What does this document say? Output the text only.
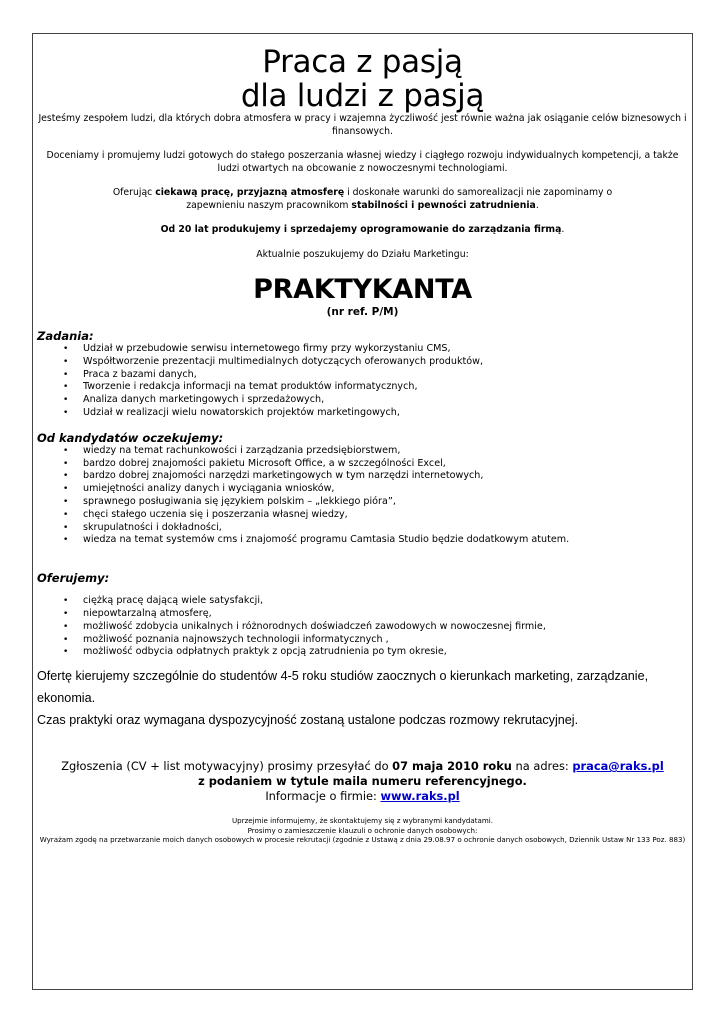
Praca z pasją
dla ludzi z pasją

Jesteśmy zespołem ludzi, dla których dobra atmosfera w pracy i wzajemna życzliwość jest równie ważna jak osiąganie celów biznesowych i finansowych.

Doceniamy i promujemy ludzi gotowych do stałego poszerzania własnej wiedzy i ciągłego rozwoju indywidualnych kompetencji, a także ludzi otwartych na obcowanie z nowoczesnymi technologiami.

Oferując ciekawą pracę, przyjazną atmosferę i doskonałe warunki do samorealizacji nie zapominamy o zapewnieniu naszym pracownikom stabilności i pewności zatrudnienia.

Od 20 lat produkujemy i sprzedajemy oprogramowanie do zarządzania firmą.

Aktualnie poszukujemy do Działu Marketingu:

PRAKTYKANTA

(nr ref. P/M)

Zadania:

• Udział w przebudowie serwisu internetowego firmy przy wykorzystaniu CMS,
• Współtworzenie prezentacji multimedialnych dotyczących oferowanych produktów,
• Praca z bazami danych,
• Tworzenie i redakcja informacji na temat produktów informatycznych,
• Analiza danych marketingowych i sprzedażowych,
• Udział w realizacji wielu nowatorskich projektów marketingowych,

Od kandydatów oczekujemy:

• wiedzy na temat rachunkowości i zarządzania przedsiębiorstwem,
• bardzo dobrej znajomości pakietu Microsoft Office, a w szczególności Excel,
• bardzo dobrej znajomości narzędzi marketingowych w tym narzędzi internetowych,
• umiejętności analizy danych i wyciągania wniosków,
• sprawnego posługiwania się językiem polskim – „lekkiego pióra”,
• chęci stałego uczenia się i poszerzania własnej wiedzy,
• skrupulatności i dokładności,
• wiedza na temat systemów cms i znajomość programu Camtasia Studio będzie dodatkowym atutem.

Oferujemy:

• ciężką pracę dającą wiele satysfakcji,
• niepowtarzalną atmosferę,
• możliwość zdobycia unikalnych i różnorodnych doświadczeń zawodowych w nowoczesnej firmie,
• możliwość poznania najnowszych technologii informatycznych ,
• możliwość odbycia odpłatnych praktyk z opcją zatrudnienia po tym okresie,

Ofertę kierujemy szczególnie do studentów 4-5 roku studiów zaocznych o kierunkach marketing, zarządzanie, ekonomia.

Czas praktyki oraz wymagana dyspozycyjność zostaną ustalone podczas rozmowy rekrutacyjnej.

Zgłoszenia (CV + list motywacyjny) prosimy przesyłać do 07 maja 2010 roku na adres: praca@raks.pl

z podaniem w tytule maila numeru referencyjnego.

Informacje o firmie: www.raks.pl

Uprzejmie informujemy, że skontaktujemy się z wybranymi kandydatami.

Prosimy o zamieszczenie klauzuli o ochronie danych osobowych:

Wyrażam zgodę na przetwarzanie moich danych osobowych w procesie rekrutacji (zgodnie z Ustawą z dnia 29.08.97 o ochronie danych osobowych, Dziennik Ustaw Nr 133 Poz. 883)
